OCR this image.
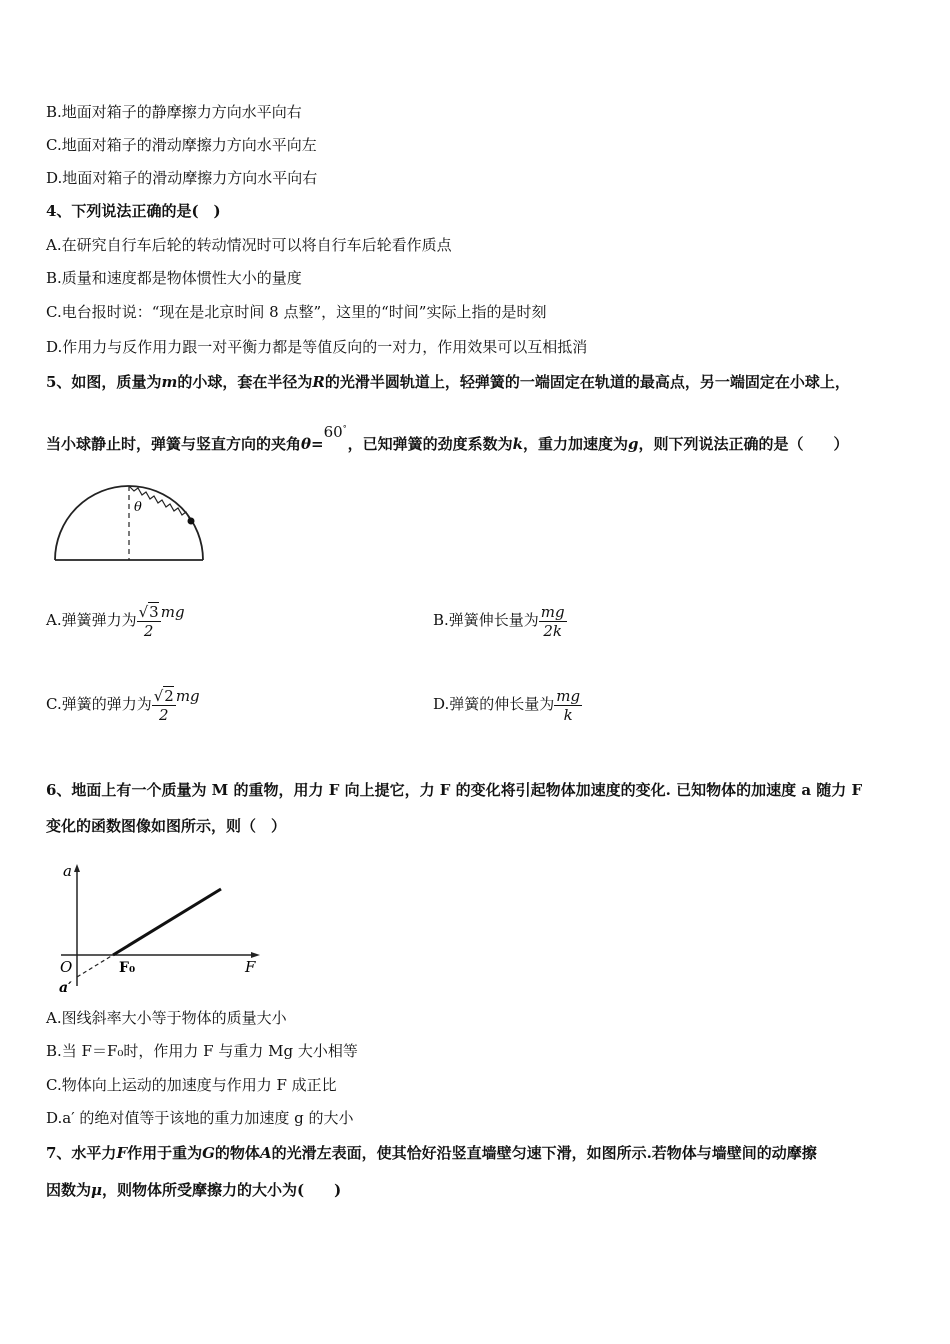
B.地面对箱子的静摩擦力方向水平向右
C.地面对箱子的滑动摩擦力方向水平向左
D.地面对箱子的滑动摩擦力方向水平向右
4、下列说法正确的是(　)
A.在研究自行车后轮的转动情况时可以将自行车后轮看作质点
B.质量和速度都是物体惯性大小的量度
C.电台报时说：“现在是北京时间 8 点整”，这里的“时间”实际上指的是时刻
D.作用力与反作用力跟一对平衡力都是等值反向的一对力，作用效果可以互相抵消
5、如图，质量为m的小球，套在半径为R的光滑半圆轨道上，轻弹簧的一端固定在轨道的最高点，另一端固定在小球上，
当小球静止时，弹簧与竖直方向的夹角θ=60°，已知弹簧的劲度系数为k，重力加速度为g，则下列说法正确的是（　　）
θ
A.弹簧弹力为 $\frac{√3}{2}$ mg	B.弹簧伸长量为 $\frac{mg}{2k}$
C.弹簧的弹力为 $\frac{√2}{2}$ mg	D.弹簧的伸长量为 $\frac{mg}{k}$
6、地面上有一个质量为 M 的重物，用力 F 向上提它，力 F 的变化将引起物体加速度的变化. 已知物体的加速度 a 随力 F
变化的函数图像如图所示，则（　）
a
F
O	F₀
a′
A.图线斜率大小等于物体的质量大小
B.当 F＝F₀时，作用力 F 与重力 Mg 大小相等
C.物体向上运动的加速度与作用力 F 成正比
D.a′ 的绝对值等于该地的重力加速度 g 的大小
7、水平力F作用于重为G的物体A的光滑左表面，使其恰好沿竖直墙壁匀速下滑，如图所示.若物体与墙壁间的动摩擦
因数为μ，则物体所受摩擦力的大小为(　　)
